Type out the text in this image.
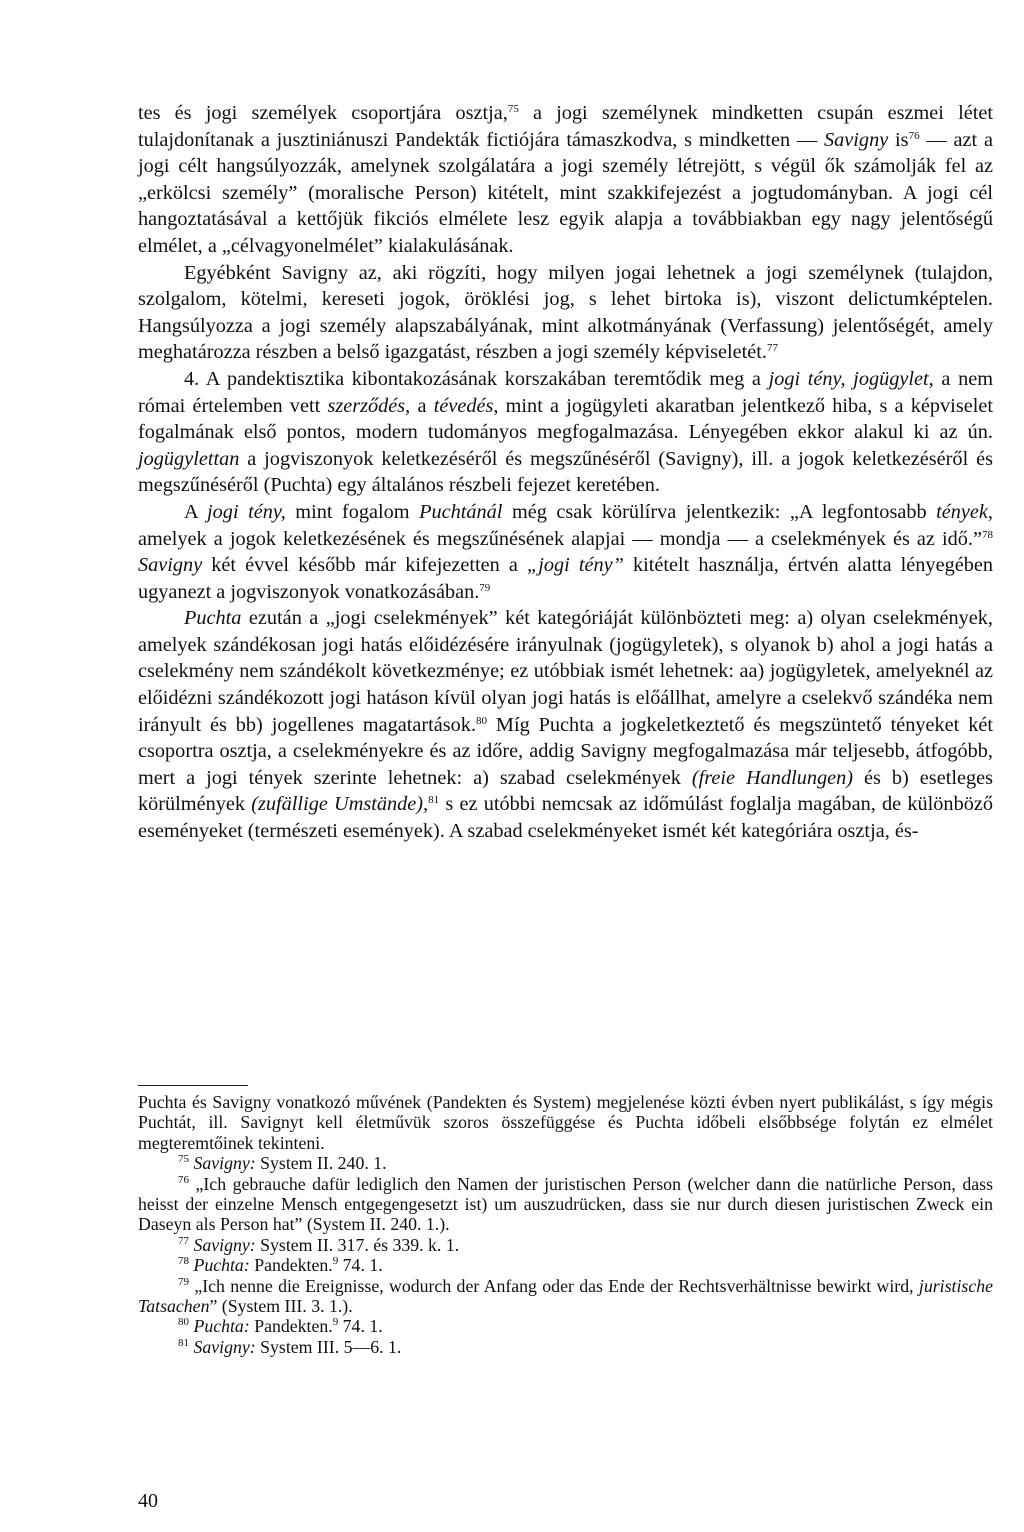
tes és jogi személyek csoportjára osztja,$^{75}$ a jogi személynek mindketten csupán eszmei létet tulajdonítanak a jusztiniánuszi Pandekták fictiójára támaszkodva, s mindketten — Savigny $is^{76}$ — azt a jogi célt hangsúlyozzák, amelynek szolgálatára a jogi személy létrejött, s végül ők számolják fel az „erkölcsi személy” (moralische Person) kitételt, mint szakkifejezést a jogtudományban. A jogi cél hangoztatásával a kettőjük fikciós elmélete lesz egyik alapja a továbbiakban egy nagy jelentőségű elmélet, a „célvagyonelmélet” kialakulásának.

Egyébként Savigny az, aki rögzíti, hogy milyen jogai lehetnek a jogi személynek (tulajdon, szolgalom, kötelmi, kereseti jogok, öröklési jog, s lehet birtoka is), viszont delictumképtelen. Hangsúlyozza a jogi személy alapszabályának, mint alkotmányának (Verfassung) jelentőségét, amely meghatározza részben a belső igazgatást, részben a jogi személy képviseletét.$^{77}$

4. A pandektisztika kibontakozásának korszakában teremtődik meg a jogi tény, jogügylet, a nem római értelemben vett szerződés, a tévedés, mint a jogügyleti akaratban jelentkező hiba, s a képviselet fogalmának első pontos, modern tudományos megfogalmazása. Lényegében ekkor alakul ki az ún. jogügylettan a jogviszonyok keletkezéséről és megszűnéséről (Savigny), ill. a jogok keletkezéséről és megszűnéséről (Puchta) egy általános részbeli fejezet keretében.

A jogi tény, mint fogalom Puchtánál még csak körülírva jelentkezik: „A legfontosabb tények, amelyek a jogok keletkezésének és megszűnésének alapjai — mondja — a cselekmények és az idő.”$^{78}$ Savigny két évvel később már kifejezetten a „jogi tény” kitételt használja, értvén alatta lényegében ugyanezt a jogviszonyok vonatkozásában.$^{79}$

Puchta ezután a „jogi cselekmények” két kategóriáját különbözteti meg: a) olyan cselekmények, amelyek szándékosan jogi hatás előidézésére irányulnak (jogügyletek), s olyanok b) ahol a jogi hatás a cselekmény nem szándékolt következménye; ez utóbbiak ismét lehetnek: aa) jogügyletek, amelyeknél az előidézni szándékozott jogi hatáson kívül olyan jogi hatás is előállhat, amelyre a cselekvő szándéka nem irányult és bb) jogellenes magatartások.$^{80}$ Míg Puchta a jogkeletkeztető és megszüntető tényeket két csoportra osztja, a cselekményekre és az időre, addig Savigny megfogalmazása már teljesebb, átfogóbb, mert a jogi tények szerinte lehetnek: a) szabad cselekmények (freie Handlungen) és b) esetleges körülmények (zufällige Umstände),$^{81}$ s ez utóbbi nemcsak az időmúlást foglalja magában, de különböző eseményeket (természeti események). A szabad cselekményeket ismét két kategóriára osztja, és-

Puchta és Savigny vonatkozó művének (Pandekten és System) megjelenése közti évben nyert publikálást, s így mégis Puchtát, ill. Savignyt kell életművük szoros összefüggése és Puchta időbeli elsőbbsége folytán ez elmélet megteremtőinek tekinteni.

$^{75}$ Savigny: System II. 240. 1.

$^{76}$ „Ich gebrauche dafür lediglich den Namen der juristischen Person (welcher dann die natürliche Person, dass heisst der einzelne Mensch entgegengesetzt ist) um auszudrücken, dass sie nur durch diesen juristischen Zweck ein Daseyn als Person hat” (System II. 240. 1.).

$^{77}$ Savigny: System II. 317. és 339. k. 1.

$^{78}$ Puchta: Pandekten.$^9$ 74. 1.

$^{79}$ „Ich nenne die Ereignisse, wodurch der Anfang oder das Ende der Rechtsverhältnisse bewirkt wird, juristische Tatsachen” (System III. 3. 1.).

$^{80}$ Puchta: Pandekten.$^9$ 74. 1.

$^{81}$ Savigny: System III. 5—6. 1.

40
